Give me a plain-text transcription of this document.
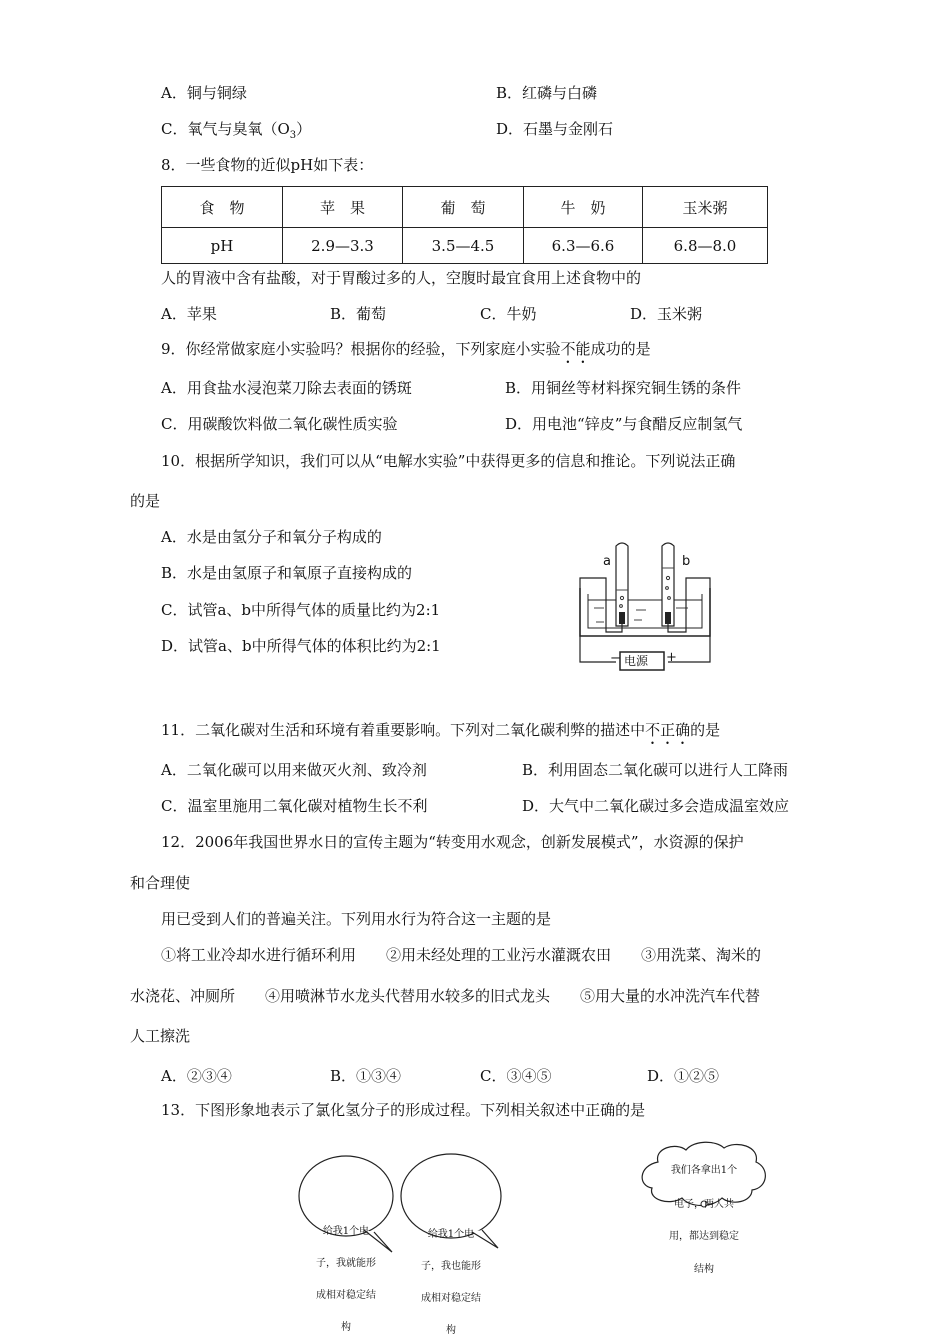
A．铜与铜绿	B．红磷与白磷
C．氧气与臭氧$(O_3)$	D．石墨与金刚石
8．一些食物的近似pH如下表：
食　物	苹　果	葡　萄	牛　奶	玉米粥
pH	2.9—3.3	3.5—4.5	6.3—6.6	6.8—8.0
人的胃液中含有盐酸，对于胃酸过多的人，空腹时最宜食用上述食物中的
A．苹果	B．葡萄	C．牛奶	D．玉米粥
9．你经常做家庭小实验吗？根据你的经验，下列家庭小实验不能成功的是
A．用食盐水浸泡菜刀除去表面的锈斑	B．用铜丝等材料探究铜生锈的条件
C．用碳酸饮料做二氧化碳性质实验	D．用电池“锌皮”与食醋反应制氢气
10．根据所学知识，我们可以从“电解水实验”中获得更多的信息和推论。下列说法正确
的是
A．水是由氢分子和氧分子构成的
B．水是由氢原子和氧原子直接构成的
C．试管a、b中所得气体的质量比约为2:1
D．试管a、b中所得气体的体积比约为2:1
a	b
电源
−	+
11．二氧化碳对生活和环境有着重要影响。下列对二氧化碳利弊的描述中不正确的是
A．二氧化碳可以用来做灭火剂、致冷剂	B．利用固态二氧化碳可以进行人工降雨
C．温室里施用二氧化碳对植物生长不利	D．大气中二氧化碳过多会造成温室效应
12．2006年我国世界水日的宣传主题为“转变用水观念，创新发展模式”，水资源的保护
和合理使
用已受到人们的普遍关注。下列用水行为符合这一主题的是
①将工业冷却水进行循环利用　　②用未经处理的工业污水灌溉农田　　③用洗菜、淘米的
水浇花、冲厕所　　④用喷淋节水龙头代替用水较多的旧式龙头　　⑤用大量的水冲洗汽车代替
人工擦洗
A．②③④	B．①③④	C．③④⑤	D．①②⑤
13．下图形象地表示了氯化氢分子的形成过程。下列相关叙述中正确的是
我们各拿出1个
电子，两人共
用，都达到稳定
结构
给我1个电
子，我就能形
成相对稳定结
构
给我1个电
子，我也能形
成相对稳定结
构
